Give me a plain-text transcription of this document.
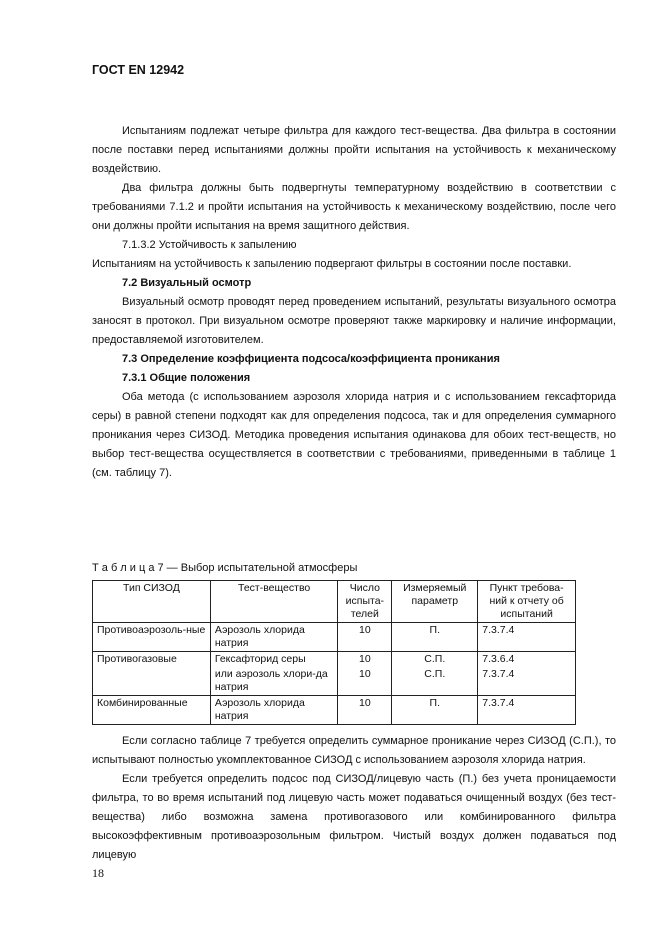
ГОСТ EN 12942
Испытаниям подлежат четыре фильтра для каждого тест-вещества. Два фильтра в состоянии после поставки перед испытаниями должны пройти испытания на устойчивость к механическому воздействию.
Два фильтра должны быть подвергнуты температурному воздействию в соответствии с требованиями 7.1.2 и пройти испытания на устойчивость к механическому воздействию, после чего они должны пройти испытания на время защитного действия.
7.1.3.2 Устойчивость к запылению
Испытаниям на устойчивость к запылению подвергают фильтры в состоянии после поставки.
7.2 Визуальный осмотр
Визуальный осмотр проводят перед проведением испытаний, результаты визуального осмотра заносят в протокол. При визуальном осмотре проверяют также маркировку и наличие информации, предоставляемой изготовителем.
7.3 Определение коэффициента подсоса/коэффициента проникания
7.3.1 Общие положения
Оба метода (с использованием аэрозоля хлорида натрия и с использованием гексафторида серы) в равной степени подходят как для определения подсоса, так и для определения суммарного проникания через СИЗОД. Методика проведения испытания одинакова для обоих тест-веществ, но выбор тест-вещества осуществляется в соответствии с требованиями, приведенными в таблице 1 (см. таблицу 7).
Т а б л и ц а 7 — Выбор испытательной атмосферы
Тип СИЗОД	Тест-вещество	Число испыта-телей	Измеряемый параметр	Пункт требова-ний к отчету об испытаний
Противоаэрозоль-ные	Аэрозоль хлорида натрия	10	П.	7.3.7.4
Противогазовые	Гексафторид серы	10	С.П.	7.3.6.4
	или аэрозоль хлори-да натрия	10	С.П.	7.3.7.4
Комбинированные	Аэрозоль хлорида натрия	10	П.	7.3.7.4
Если согласно таблице 7 требуется определить суммарное проникание через СИЗОД (С.П.), то испытывают полностью укомплектованное СИЗОД с использованием аэрозоля хлорида натрия.
Если требуется определить подсос под СИЗОД/лицевую часть (П.) без учета проницаемости фильтра, то во время испытаний под лицевую часть может подаваться очищенный воздух (без тест-вещества) либо возможна замена противогазового или комбинированного фильтра высокоэффективным противоаэрозольным фильтром. Чистый воздух должен подаваться под лицевую
18
